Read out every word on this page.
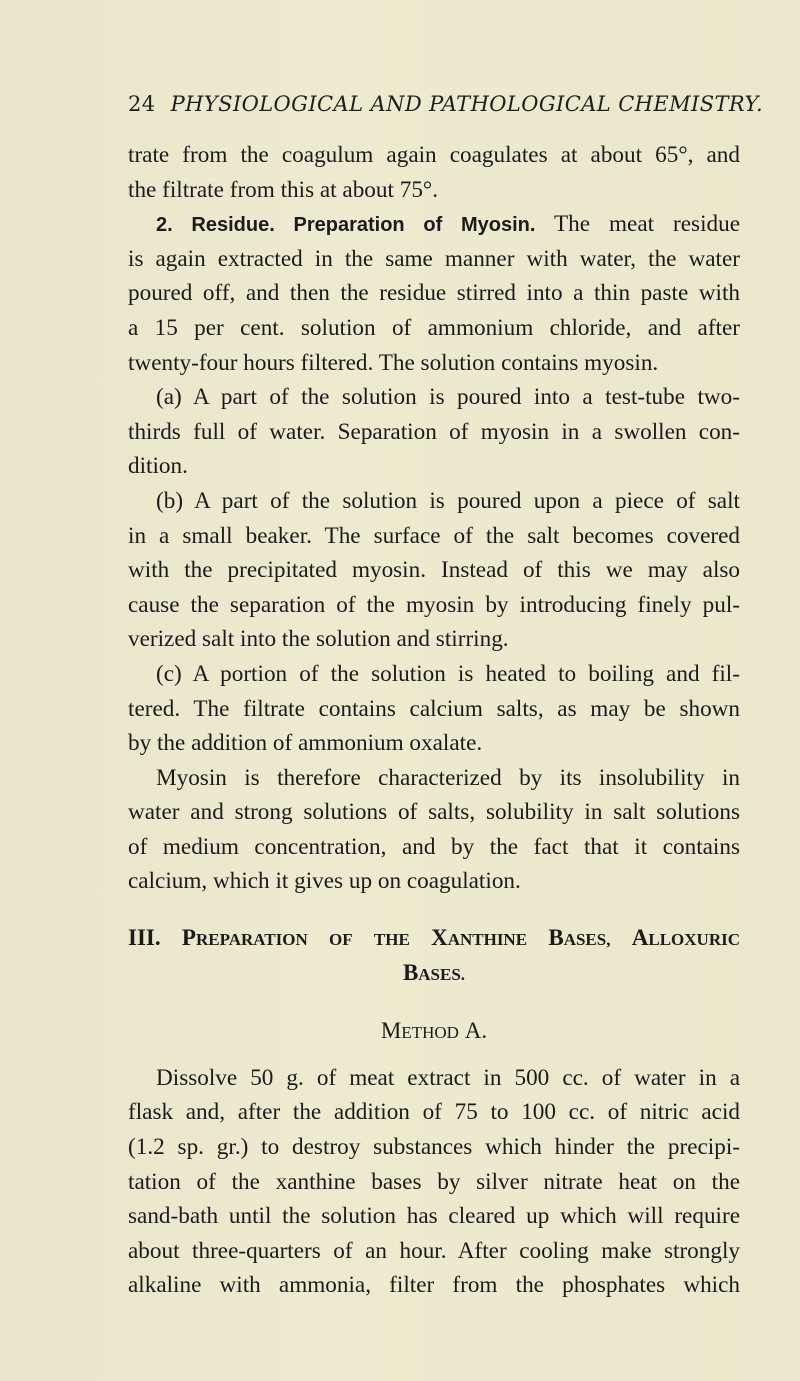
24 PHYSIOLOGICAL AND PATHOLOGICAL CHEMISTRY.
trate from the coagulum again coagulates at about 65°, and
the filtrate from this at about 75°.
2. Residue. Preparation of Myosin. The meat residue
is again extracted in the same manner with water, the water
poured off, and then the residue stirred into a thin paste with
a 15 per cent. solution of ammonium chloride, and after
twenty-four hours filtered. The solution contains myosin.
(a) A part of the solution is poured into a test-tube two-
thirds full of water. Separation of myosin in a swollen con-
dition.
(b) A part of the solution is poured upon a piece of salt
in a small beaker. The surface of the salt becomes covered
with the precipitated myosin. Instead of this we may also
cause the separation of the myosin by introducing finely pul-
verized salt into the solution and stirring.
(c) A portion of the solution is heated to boiling and fil-
tered. The filtrate contains calcium salts, as may be shown
by the addition of ammonium oxalate.
Myosin is therefore characterized by its insolubility in
water and strong solutions of salts, solubility in salt solutions
of medium concentration, and by the fact that it contains
calcium, which it gives up on coagulation.
III. PREPARATION OF THE XANTHINE BASES, ALLOXURIC
BASES.
METHOD A.
Dissolve 50 g. of meat extract in 500 cc. of water in a
flask and, after the addition of 75 to 100 cc. of nitric acid
(1.2 sp. gr.) to destroy substances which hinder the precipi-
tation of the xanthine bases by silver nitrate heat on the
sand-bath until the solution has cleared up which will require
about three-quarters of an hour. After cooling make strongly
alkaline with ammonia, filter from the phosphates which
